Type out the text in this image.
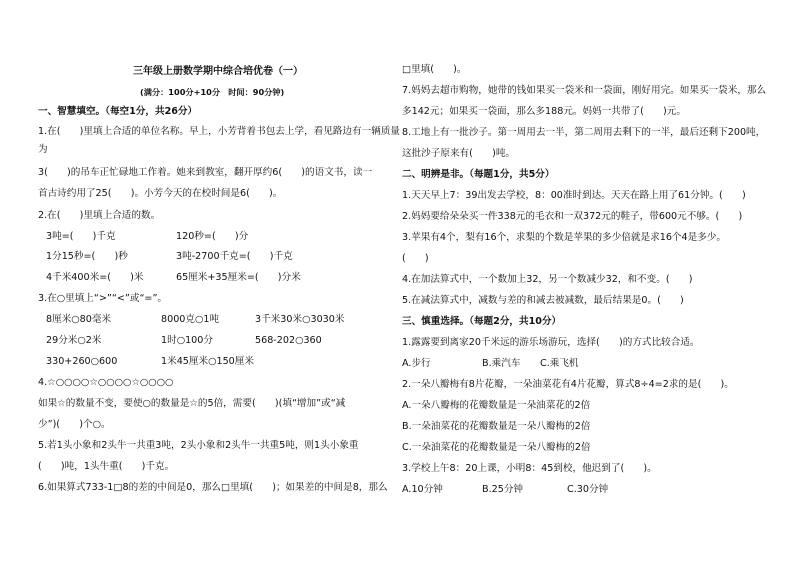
三年级上册数学期中综合培优卷（一）
(满分：100分+10分　时间：90分钟)
一、智慧填空。（每空1分，共26分）
1.在(　　)里填上合适的单位名称。早上，小芳背着书包去上学，看见路边有一辆质量
为
3(　　)的吊车正忙碌地工作着。她来到教室，翻开厚约6(　　)的语文书，读一
首古诗约用了25(　　)。小芳今天的在校时间是6(　　)。
2.在(　　)里填上合适的数。
3吨=(　　)千克	120秒=(　　)分
1分15秒=(　　)秒	3吨-2700千克=(　　)千克
4千米400米=(　　)米	65厘米+35厘米=(　　)分米
3.在○里填上“>”“<”或“=”。
8厘米○80毫米	8000克○1吨	3千米30米○3030米
29分米○2米	1时○100分	568-202○360
330+260○600	1米45厘米○150厘米
4.☆○○○○☆○○○○☆○○○○
如果☆的数量不变，要使○的数量是☆的5倍，需要(　　)(填“增加”或“减
少”)(　　)个○。
5.若1头小象和2头牛一共重3吨，2头小象和2头牛一共重5吨，则1头小象重
(　　)吨，1头牛重(　　)千克。
6.如果算式733-1□8的差的中间是0，那么□里填(　　)；如果差的中间是8，那么
□里填(　　)。
7.妈妈去超市购物，她带的钱如果买一袋米和一袋面，刚好用完。如果买一袋米，那么
多142元；如果买一袋面，那么多188元。妈妈一共带了(　　)元。
8.工地上有一批沙子。第一周用去一半，第二周用去剩下的一半，最后还剩下200吨，
这批沙子原来有(　　)吨。
二、明辨是非。（每题1分，共5分）
1.天天早上7：39出发去学校，8：00准时到达。天天在路上用了61分钟。(　　)
2.妈妈要给朵朵买一件338元的毛衣和一双372元的鞋子，带600元不够。(　　)
3.苹果有4个，梨有16个，求梨的个数是苹果的多少倍就是求16个4是多少。
(　　)
4.在加法算式中，一个数加上32，另一个数减少32，和不变。(　　)
5.在减法算式中，减数与差的和减去被减数，最后结果是0。(　　)
三、慎重选择。（每题2分，共10分）
1.露露要到离家20千米远的游乐场游玩，选择(　　)的方式比较合适。
A.步行	B.乘汽车 C.乘飞机
2.一朵八瓣梅有8片花瓣，一朵油菜花有4片花瓣，算式8÷4=2求的是(　　)。
A.一朵八瓣梅的花瓣数量是一朵油菜花的2倍
B.一朵油菜花的花瓣数量是一朵八瓣梅的2倍
C.一朵油菜花的花瓣数量是一朵八瓣梅的2倍
3.学校上午8：20上课，小明8：45到校，他迟到了(　　)。
A.10分钟	B.25分钟	C.30分钟
